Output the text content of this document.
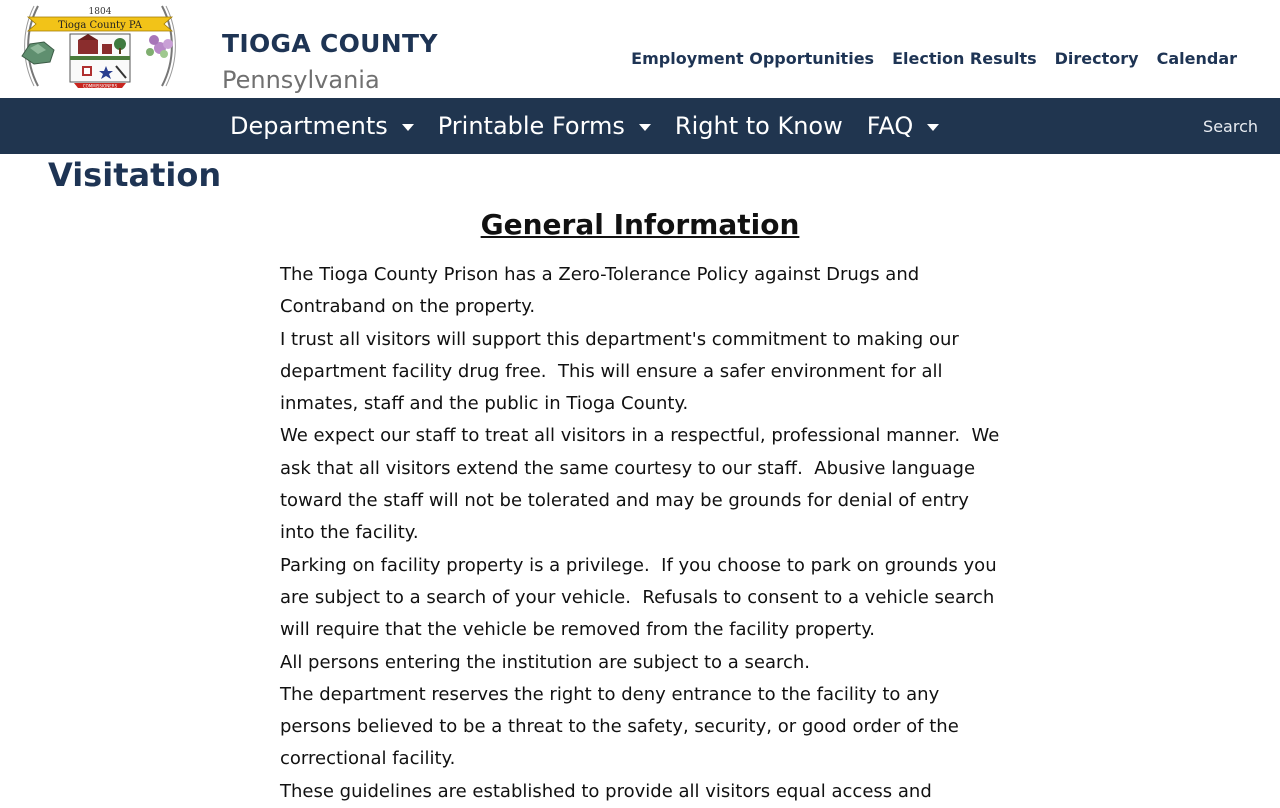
1804
Tioga County PA
COMMISSIONERS
TIOGA COUNTY
Pennsylvania
Employment Opportunities Election Results Directory Calendar
Departments Printable Forms Right to Know FAQ	Search
Visitation
General Information

The Tioga County Prison has a Zero-Tolerance Policy against Drugs and

Contraband on the property.

I trust all visitors will support this department's commitment to making our

department facility drug free.  This will ensure a safer environment for all

inmates, staff and the public in Tioga County.

We expect our staff to treat all visitors in a respectful, professional manner.  We

ask that all visitors extend the same courtesy to our staff.  Abusive language

toward the staff will not be tolerated and may be grounds for denial of entry

into the facility.

Parking on facility property is a privilege.  If you choose to park on grounds you

are subject to a search of your vehicle.  Refusals to consent to a vehicle search

will require that the vehicle be removed from the facility property.

All persons entering the institution are subject to a search.

The department reserves the right to deny entrance to the facility to any

persons believed to be a threat to the safety, security, or good order of the

correctional facility.

These guidelines are established to provide all visitors equal access and
